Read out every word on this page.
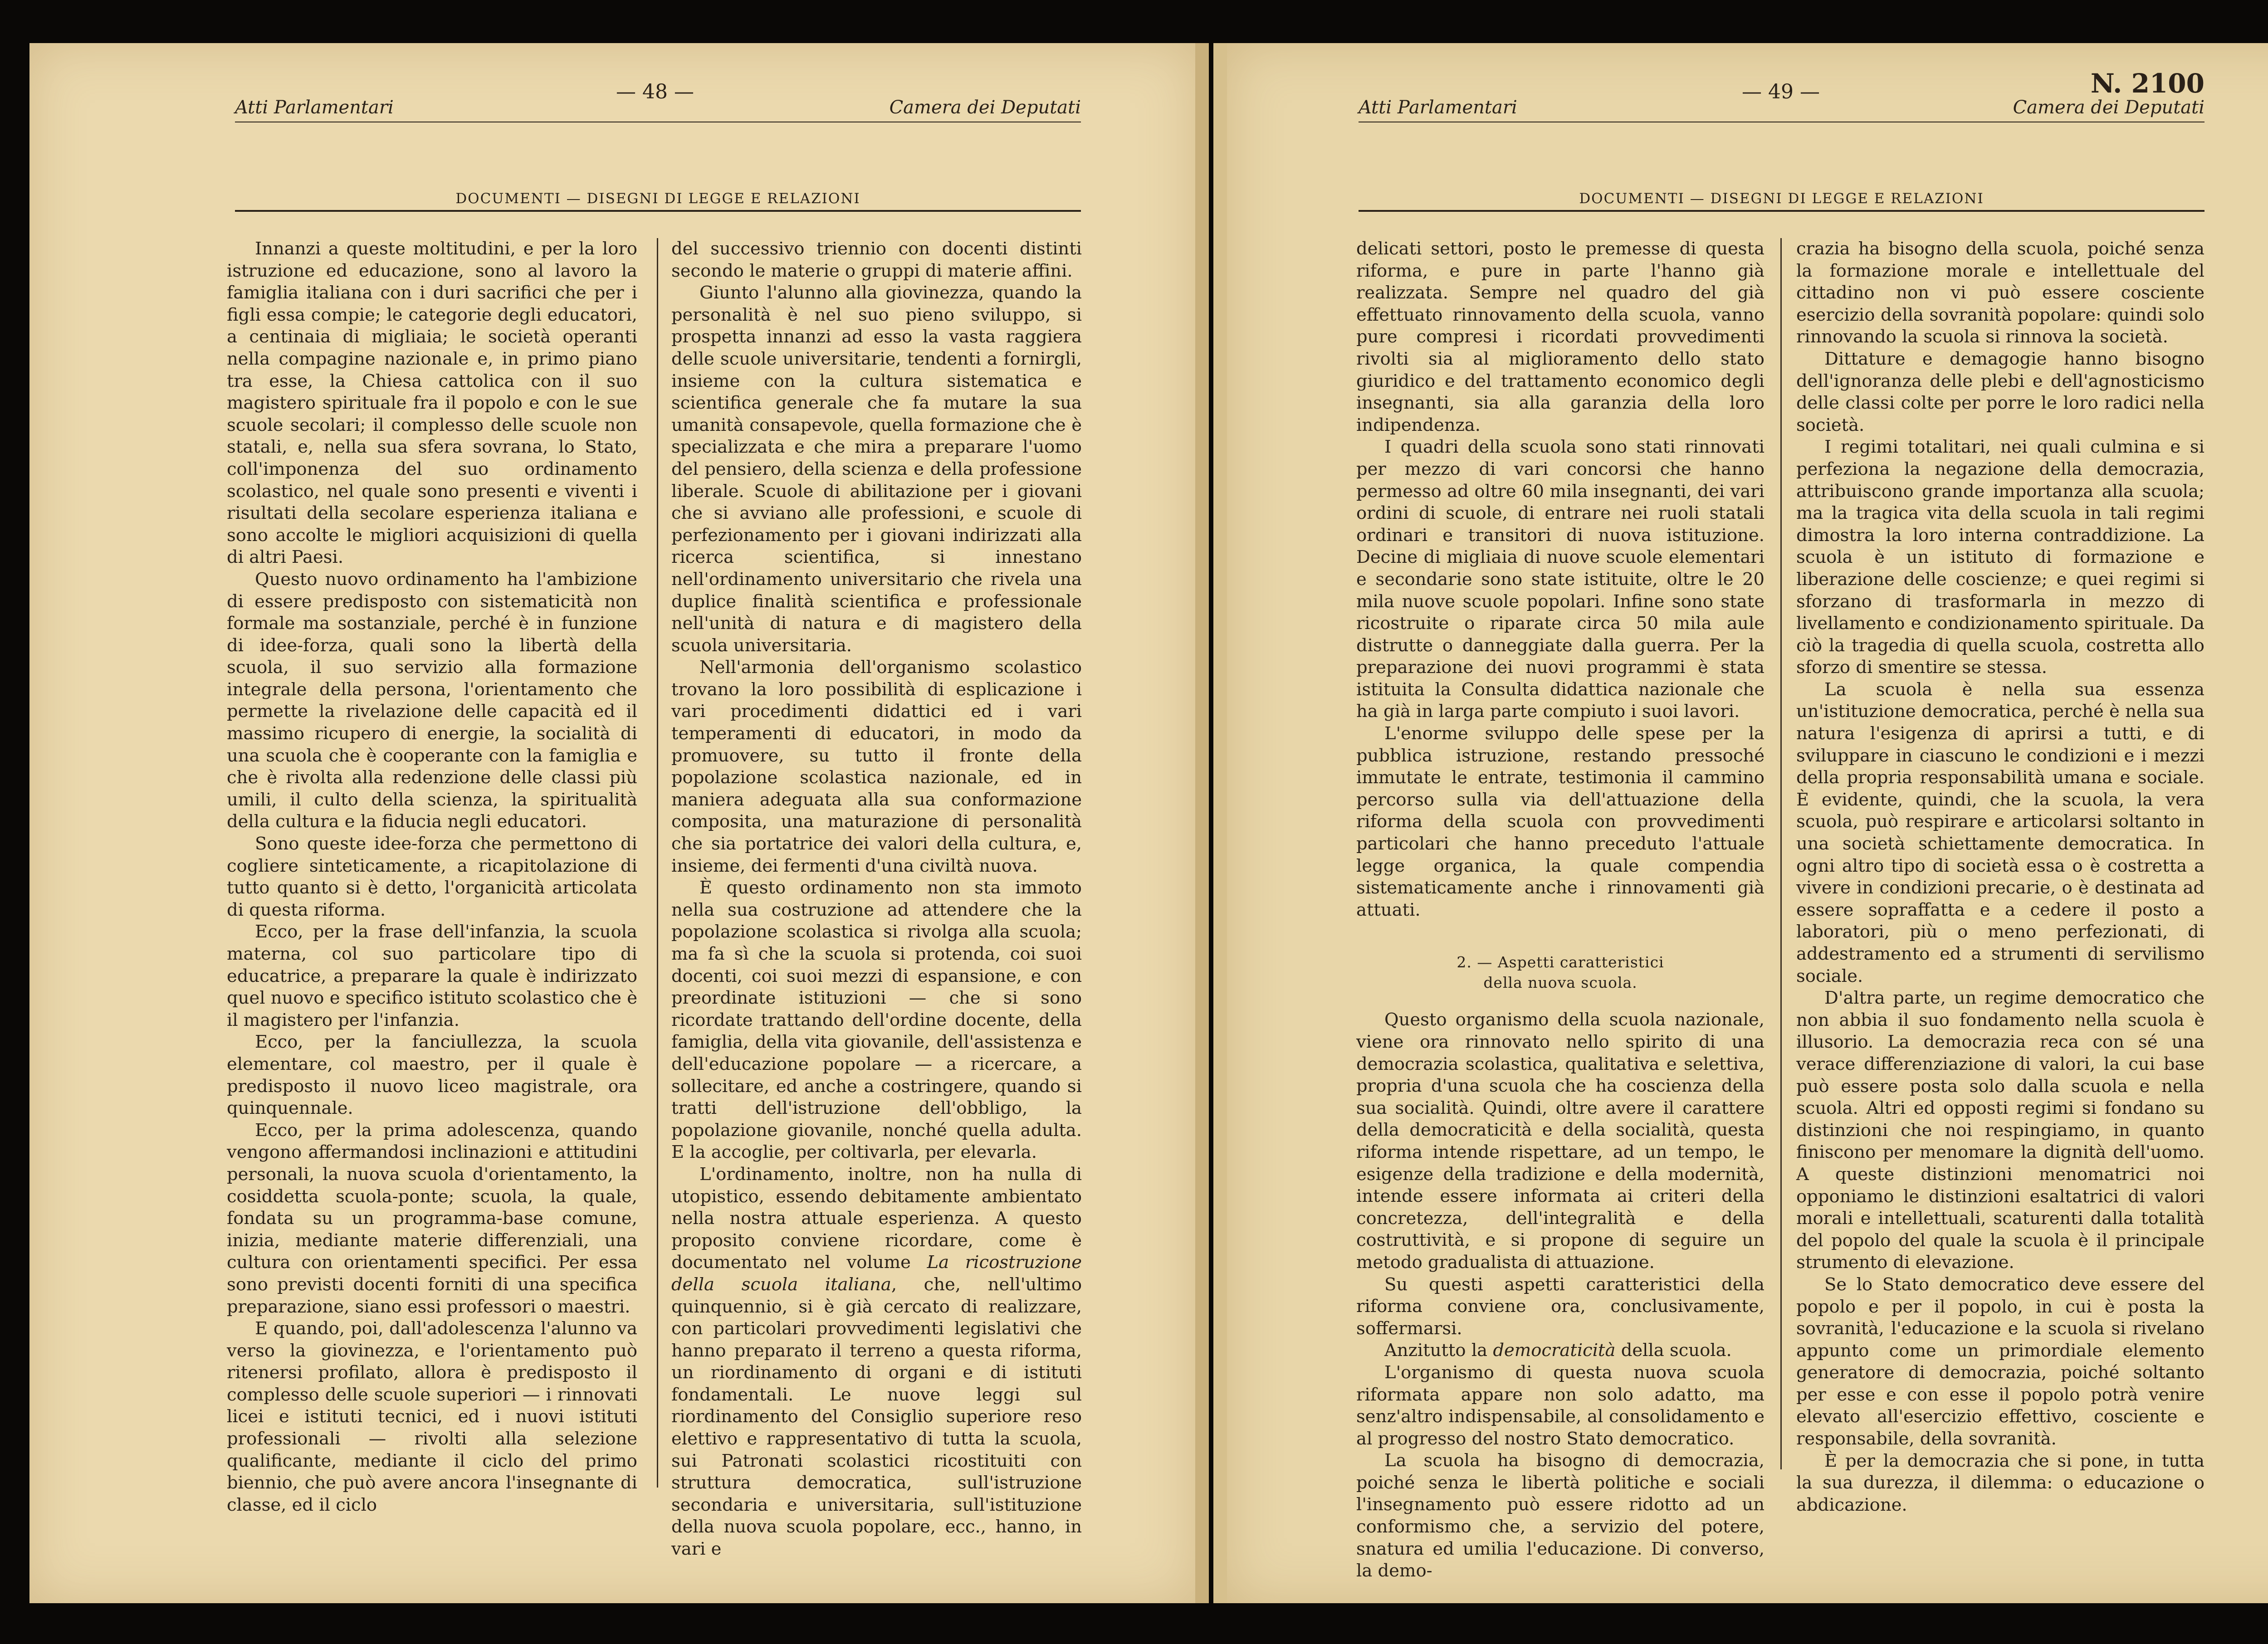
Atti Parlamentari
— 48 —
Camera dei Deputati
DOCUMENTI — DISEGNI DI LEGGE E RELAZIONI

Innanzi a queste moltitudini, e per la loro istruzione ed educazione, sono al lavoro la famiglia italiana con i duri sacrifici che per i figli essa compie; le categorie degli educatori, a centinaia di migliaia; le società operanti nella compagine nazionale e, in primo piano tra esse, la Chiesa cattolica con il suo magistero spirituale fra il popolo e con le sue scuole secolari; il complesso delle scuole non statali, e, nella sua sfera sovrana, lo Stato, coll'imponenza del suo ordinamento scolastico, nel quale sono presenti e viventi i risultati della secolare esperienza italiana e sono accolte le migliori acquisizioni di quella di altri Paesi.

Questo nuovo ordinamento ha l'ambizione di essere predisposto con sistematicità non formale ma sostanziale, perché è in funzione di idee-forza, quali sono la libertà della scuola, il suo servizio alla formazione integrale della persona, l'orientamento che permette la rivelazione delle capacità ed il massimo ricupero di energie, la socialità di una scuola che è cooperante con la famiglia e che è rivolta alla redenzione delle classi più umili, il culto della scienza, la spiritualità della cultura e la fiducia negli educatori.

Sono queste idee-forza che permettono di cogliere sinteticamente, a ricapitolazione di tutto quanto si è detto, l'organicità articolata di questa riforma.

Ecco, per la frase dell'infanzia, la scuola materna, col suo particolare tipo di educatrice, a preparare la quale è indirizzato quel nuovo e specifico istituto scolastico che è il magistero per l'infanzia.

Ecco, per la fanciullezza, la scuola elementare, col maestro, per il quale è predisposto il nuovo liceo magistrale, ora quinquennale.

Ecco, per la prima adolescenza, quando vengono affermandosi inclinazioni e attitudini personali, la nuova scuola d'orientamento, la cosiddetta scuola-ponte; scuola, la quale, fondata su un programma-base comune, inizia, mediante materie differenziali, una cultura con orientamenti specifici. Per essa sono previsti docenti forniti di una specifica preparazione, siano essi professori o maestri.

E quando, poi, dall'adolescenza l'alunno va verso la giovinezza, e l'orientamento può ritenersi profilato, allora è predisposto il complesso delle scuole superiori — i rinnovati licei e istituti tecnici, ed i nuovi istituti professionali — rivolti alla selezione qualificante, mediante il ciclo del primo biennio, che può avere ancora l'insegnante di classe, ed il ciclo

del successivo triennio con docenti distinti secondo le materie o gruppi di materie affini.

Giunto l'alunno alla giovinezza, quando la personalità è nel suo pieno sviluppo, si prospetta innanzi ad esso la vasta raggiera delle scuole universitarie, tendenti a fornirgli, insieme con la cultura sistematica e scientifica generale che fa mutare la sua umanità consapevole, quella formazione che è specializzata e che mira a preparare l'uomo del pensiero, della scienza e della professione liberale. Scuole di abilitazione per i giovani che si avviano alle professioni, e scuole di perfezionamento per i giovani indirizzati alla ricerca scientifica, si innestano nell'ordinamento universitario che rivela una duplice finalità scientifica e professionale nell'unità di natura e di magistero della scuola universitaria.

Nell'armonia dell'organismo scolastico trovano la loro possibilità di esplicazione i vari procedimenti didattici ed i vari temperamenti di educatori, in modo da promuovere, su tutto il fronte della popolazione scolastica nazionale, ed in maniera adeguata alla sua conformazione composita, una maturazione di personalità che sia portatrice dei valori della cultura, e, insieme, dei fermenti d'una civiltà nuova.

È questo ordinamento non sta immoto nella sua costruzione ad attendere che la popolazione scolastica si rivolga alla scuola; ma fa sì che la scuola si protenda, coi suoi docenti, coi suoi mezzi di espansione, e con preordinate istituzioni — che si sono ricordate trattando dell'ordine docente, della famiglia, della vita giovanile, dell'assistenza e dell'educazione popolare — a ricercare, a sollecitare, ed anche a costringere, quando si tratti dell'istruzione dell'obbligo, la popolazione giovanile, nonché quella adulta. E la accoglie, per coltivarla, per elevarla.

L'ordinamento, inoltre, non ha nulla di utopistico, essendo debitamente ambientato nella nostra attuale esperienza. A questo proposito conviene ricordare, come è documentato nel volume La ricostruzione della scuola italiana, che, nell'ultimo quinquennio, si è già cercato di realizzare, con particolari provvedimenti legislativi che hanno preparato il terreno a questa riforma, un riordinamento di organi e di istituti fondamentali. Le nuove leggi sul riordinamento del Consiglio superiore reso elettivo e rappresentativo di tutta la scuola, sui Patronati scolastici ricostituiti con struttura democratica, sull'istruzione secondaria e universitaria, sull'istituzione della nuova scuola popolare, ecc., hanno, in vari e

Atti Parlamentari
— 49 —	N. 2100
Camera dei Deputati
DOCUMENTI — DISEGNI DI LEGGE E RELAZIONI

delicati settori, posto le premesse di questa riforma, e pure in parte l'hanno già realizzata. Sempre nel quadro del già effettuato rinnovamento della scuola, vanno pure compresi i ricordati provvedimenti rivolti sia al miglioramento dello stato giuridico e del trattamento economico degli insegnanti, sia alla garanzia della loro indipendenza.

I quadri della scuola sono stati rinnovati per mezzo di vari concorsi che hanno permesso ad oltre 60 mila insegnanti, dei vari ordini di scuole, di entrare nei ruoli statali ordinari e transitori di nuova istituzione. Decine di migliaia di nuove scuole elementari e secondarie sono state istituite, oltre le 20 mila nuove scuole popolari. Infine sono state ricostruite o riparate circa 50 mila aule distrutte o danneggiate dalla guerra. Per la preparazione dei nuovi programmi è stata istituita la Consulta didattica nazionale che ha già in larga parte compiuto i suoi lavori.

L'enorme sviluppo delle spese per la pubblica istruzione, restando pressoché immutate le entrate, testimonia il cammino percorso sulla via dell'attuazione della riforma della scuola con provvedimenti particolari che hanno preceduto l'attuale legge organica, la quale compendia sistematicamente anche i rinnovamenti già attuati.

2. — Aspetti caratteristici
della nuova scuola.

Questo organismo della scuola nazionale, viene ora rinnovato nello spirito di una democrazia scolastica, qualitativa e selettiva, propria d'una scuola che ha coscienza della sua socialità. Quindi, oltre avere il carattere della democraticità e della socialità, questa riforma intende rispettare, ad un tempo, le esigenze della tradizione e della modernità, intende essere informata ai criteri della concretezza, dell'integralità e della costruttività, e si propone di seguire un metodo gradualista di attuazione.

Su questi aspetti caratteristici della riforma conviene ora, conclusivamente, soffermarsi.

Anzitutto la democraticità della scuola.

L'organismo di questa nuova scuola riformata appare non solo adatto, ma senz'altro indispensabile, al consolidamento e al progresso del nostro Stato democratico.

La scuola ha bisogno di democrazia, poiché senza le libertà politiche e sociali l'insegnamento può essere ridotto ad un conformismo che, a servizio del potere, snatura ed umilia l'educazione. Di converso, la demo-

crazia ha bisogno della scuola, poiché senza la formazione morale e intellettuale del cittadino non vi può essere cosciente esercizio della sovranità popolare: quindi solo rinnovando la scuola si rinnova la società.

Dittature e demagogie hanno bisogno dell'ignoranza delle plebi e dell'agnosticismo delle classi colte per porre le loro radici nella società.

I regimi totalitari, nei quali culmina e si perfeziona la negazione della democrazia, attribuiscono grande importanza alla scuola; ma la tragica vita della scuola in tali regimi dimostra la loro interna contraddizione. La scuola è un istituto di formazione e liberazione delle coscienze; e quei regimi si sforzano di trasformarla in mezzo di livellamento e condizionamento spirituale. Da ciò la tragedia di quella scuola, costretta allo sforzo di smentire se stessa.

La scuola è nella sua essenza un'istituzione democratica, perché è nella sua natura l'esigenza di aprirsi a tutti, e di sviluppare in ciascuno le condizioni e i mezzi della propria responsabilità umana e sociale. È evidente, quindi, che la scuola, la vera scuola, può respirare e articolarsi soltanto in una società schiettamente democratica. In ogni altro tipo di società essa o è costretta a vivere in condizioni precarie, o è destinata ad essere sopraffatta e a cedere il posto a laboratori, più o meno perfezionati, di addestramento ed a strumenti di servilismo sociale.

D'altra parte, un regime democratico che non abbia il suo fondamento nella scuola è illusorio. La democrazia reca con sé una verace differenziazione di valori, la cui base può essere posta solo dalla scuola e nella scuola. Altri ed opposti regimi si fondano su distinzioni che noi respingiamo, in quanto finiscono per menomare la dignità dell'uomo. A queste distinzioni menomatrici noi opponiamo le distinzioni esaltatrici di valori morali e intellettuali, scaturenti dalla totalità del popolo del quale la scuola è il principale strumento di elevazione.

Se lo Stato democratico deve essere del popolo e per il popolo, in cui è posta la sovranità, l'educazione e la scuola si rivelano appunto come un primordiale elemento generatore di democrazia, poiché soltanto per esse e con esse il popolo potrà venire elevato all'esercizio effettivo, cosciente e responsabile, della sovranità.

È per la democrazia che si pone, in tutta la sua durezza, il dilemma: o educazione o abdicazione.
